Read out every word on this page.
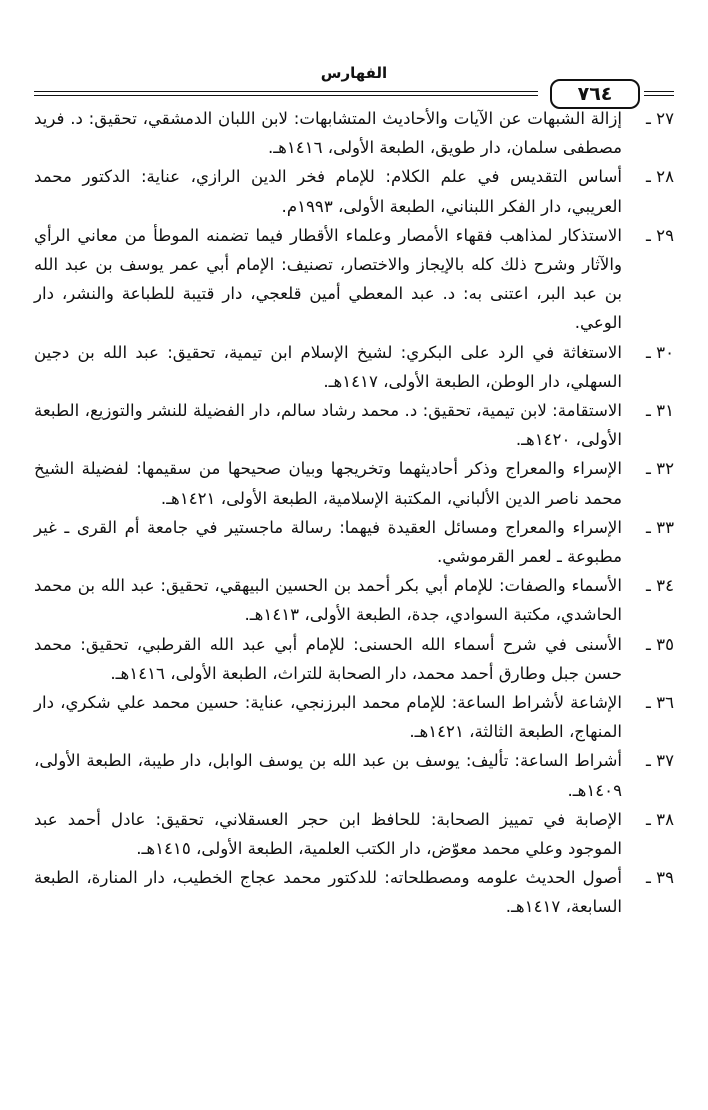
الفهارس
٧٦٤
٢٧ ـ
إزالة الشبهات عن الآيات والأحاديث المتشابهات: لابن اللبان الدمشقي، تحقيق: د. فريد مصطفى سلمان، دار طويق، الطبعة الأولى، ١٤١٦هـ.
٢٨ ـ
أساس التقديس في علم الكلام: للإمام فخر الدين الرازي، عناية: الدكتور محمد العريبي، دار الفكر اللبناني، الطبعة الأولى، ١٩٩٣م.
٢٩ ـ
الاستذكار لمذاهب فقهاء الأمصار وعلماء الأقطار فيما تضمنه الموطأ من معاني الرأي والآثار وشرح ذلك كله بالإيجاز والاختصار، تصنيف: الإمام أبي عمر يوسف بن عبد الله بن عبد البر، اعتنى به: د. عبد المعطي أمين قلعجي، دار قتيبة للطباعة والنشر، دار الوعي.
٣٠ ـ
الاستغاثة في الرد على البكري: لشيخ الإسلام ابن تيمية، تحقيق: عبد الله بن دجين السهلي، دار الوطن، الطبعة الأولى، ١٤١٧هـ.
٣١ ـ
الاستقامة: لابن تيمية، تحقيق: د. محمد رشاد سالم، دار الفضيلة للنشر والتوزيع، الطبعة الأولى، ١٤٢٠هـ.
٣٢ ـ
الإسراء والمعراج وذكر أحاديثهما وتخريجها وبيان صحيحها من سقيمها: لفضيلة الشيخ محمد ناصر الدين الألباني، المكتبة الإسلامية، الطبعة الأولى، ١٤٢١هـ.
٣٣ ـ
الإسراء والمعراج ومسائل العقيدة فيهما: رسالة ماجستير في جامعة أم القرى ـ غير مطبوعة ـ لعمر القرموشي.
٣٤ ـ
الأسماء والصفات: للإمام أبي بكر أحمد بن الحسين البيهقي، تحقيق: عبد الله بن محمد الحاشدي، مكتبة السوادي، جدة، الطبعة الأولى، ١٤١٣هـ.
٣٥ ـ
الأسنى في شرح أسماء الله الحسنى: للإمام أبي عبد الله القرطبي، تحقيق: محمد حسن جبل وطارق أحمد محمد، دار الصحابة للتراث، الطبعة الأولى، ١٤١٦هـ.
٣٦ ـ
الإشاعة لأشراط الساعة: للإمام محمد البرزنجي، عناية: حسين محمد علي شكري، دار المنهاج، الطبعة الثالثة، ١٤٢١هـ.
٣٧ ـ
أشراط الساعة: تأليف: يوسف بن عبد الله بن يوسف الوابل، دار طيبة، الطبعة الأولى، ١٤٠٩هـ.
٣٨ ـ
الإصابة في تمييز الصحابة: للحافظ ابن حجر العسقلاني، تحقيق: عادل أحمد عبد الموجود وعلي محمد معوّض، دار الكتب العلمية، الطبعة الأولى، ١٤١٥هـ.
٣٩ ـ
أصول الحديث علومه ومصطلحاته: للدكتور محمد عجاج الخطيب، دار المنارة، الطبعة السابعة، ١٤١٧هـ.
